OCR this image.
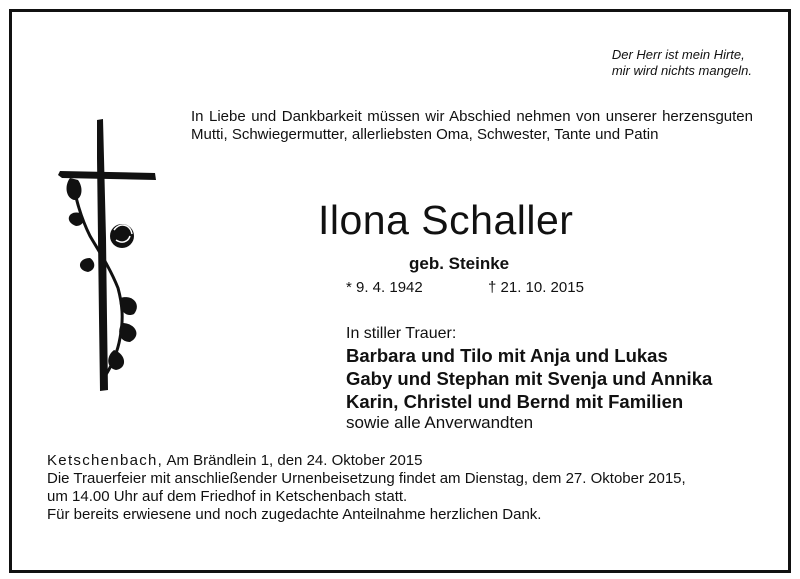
Der Herr ist mein Hirte,
mir wird nichts mangeln.
In Liebe und Dankbarkeit müssen wir Abschied nehmen von unserer herzensguten Mutti, Schwiegermutter, allerliebsten Oma, Schwester, Tante und Patin
Ilona Schaller
geb. Steinke
* 9. 4. 1942	† 21. 10. 2015
In stiller Trauer:
Barbara und Tilo mit Anja und Lukas
Gaby und Stephan mit Svenja und Annika
Karin, Christel und Bernd mit Familien
sowie alle Anverwandten
Ketschenbach, Am Brändlein 1, den 24. Oktober 2015
Die Trauerfeier mit anschließender Urnenbeisetzung findet am Dienstag, dem 27. Oktober 2015, um 14.00 Uhr auf dem Friedhof in Ketschenbach statt.
Für bereits erwiesene und noch zugedachte Anteilnahme herzlichen Dank.
